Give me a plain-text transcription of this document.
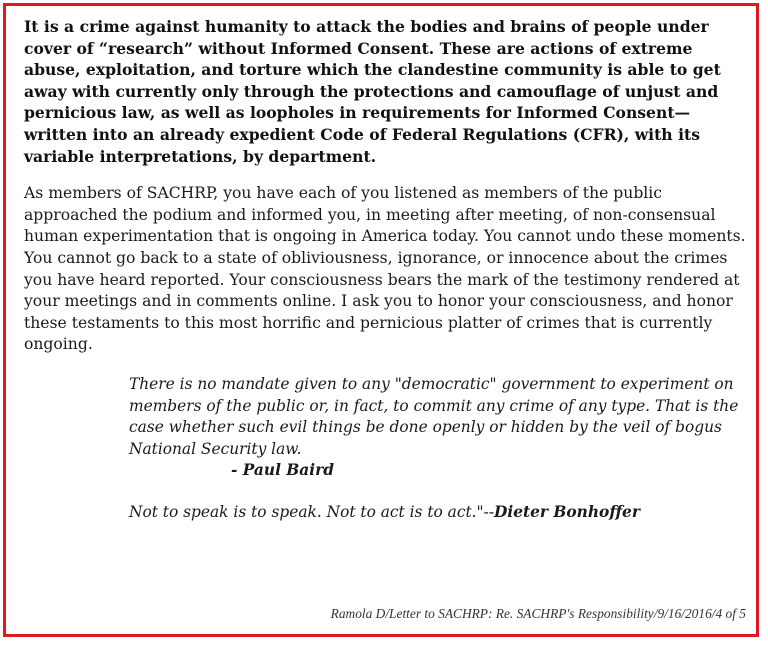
It is a crime against humanity to attack the bodies and brains of people under cover of “research” without Informed Consent. These are actions of extreme abuse, exploitation, and torture which the clandestine community is able to get away with currently only through the protections and camouflage of unjust and pernicious law, as well as loopholes in requirements for Informed Consent—written into an already expedient Code of Federal Regulations (CFR), with its variable interpretations, by department.

As members of SACHRP, you have each of you listened as members of the public approached the podium and informed you, in meeting after meeting, of non-consensual human experimentation that is ongoing in America today. You cannot undo these moments. You cannot go back to a state of obliviousness, ignorance, or innocence about the crimes you have heard reported. Your consciousness bears the mark of the testimony rendered at your meetings and in comments online. I ask you to honor your consciousness, and honor these testaments to this most horrific and pernicious platter of crimes that is currently ongoing.

There is no mandate given to any "democratic" government to experiment on members of the public or, in fact, to commit any crime of any type. That is the case whether such evil things be done openly or hidden by the veil of bogus National Security law.

- Paul Baird

Not to speak is to speak. Not to act is to act."--Dieter Bonhoffer

Ramola D/Letter to SACHRP: Re. SACHRP's Responsibility/9/16/2016/4 of 5
